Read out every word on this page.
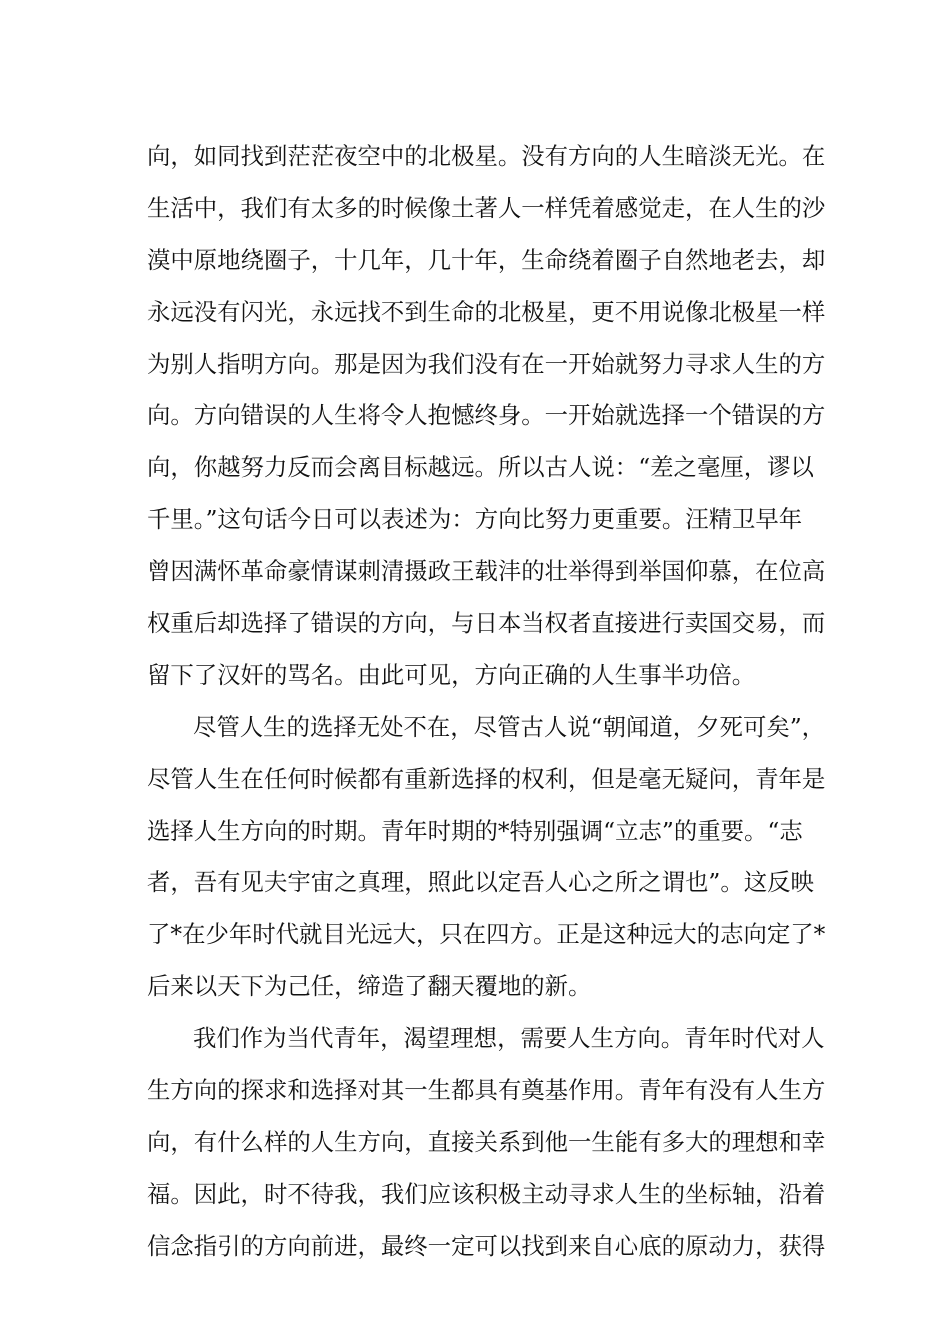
向，如同找到茫茫夜空中的北极星。没有方向的人生暗淡无光。在
生活中，我们有太多的时候像土著人一样凭着感觉走，在人生的沙
漠中原地绕圈子，十几年，几十年，生命绕着圈子自然地老去，却
永远没有闪光，永远找不到生命的北极星，更不用说像北极星一样
为别人指明方向。那是因为我们没有在一开始就努力寻求人生的方
向。方向错误的人生将令人抱憾终身。一开始就选择一个错误的方
向，你越努力反而会离目标越远。所以古人说：“差之毫厘，谬以
千里。”这句话今日可以表述为：方向比努力更重要。汪精卫早年
曾因满怀革命豪情谋刺清摄政王载沣的壮举得到举国仰慕，在位高
权重后却选择了错误的方向，与日本当权者直接进行卖国交易，而
留下了汉奸的骂名。由此可见，方向正确的人生事半功倍。
尽管人生的选择无处不在，尽管古人说“朝闻道，夕死可矣”，
尽管人生在任何时候都有重新选择的权利，但是毫无疑问，青年是
选择人生方向的时期。青年时期的*特别强调“立志”的重要。“志
者，吾有见夫宇宙之真理，照此以定吾人心之所之谓也”。这反映
了*在少年时代就目光远大，只在四方。正是这种远大的志向定了*
后来以天下为己任，缔造了翻天覆地的新。
我们作为当代青年，渴望理想，需要人生方向。青年时代对人
生方向的探求和选择对其一生都具有奠基作用。青年有没有人生方
向，有什么样的人生方向，直接关系到他一生能有多大的理想和幸
福。因此，时不待我，我们应该积极主动寻求人生的坐标轴，沿着
信念指引的方向前进，最终一定可以找到来自心底的原动力，获得
